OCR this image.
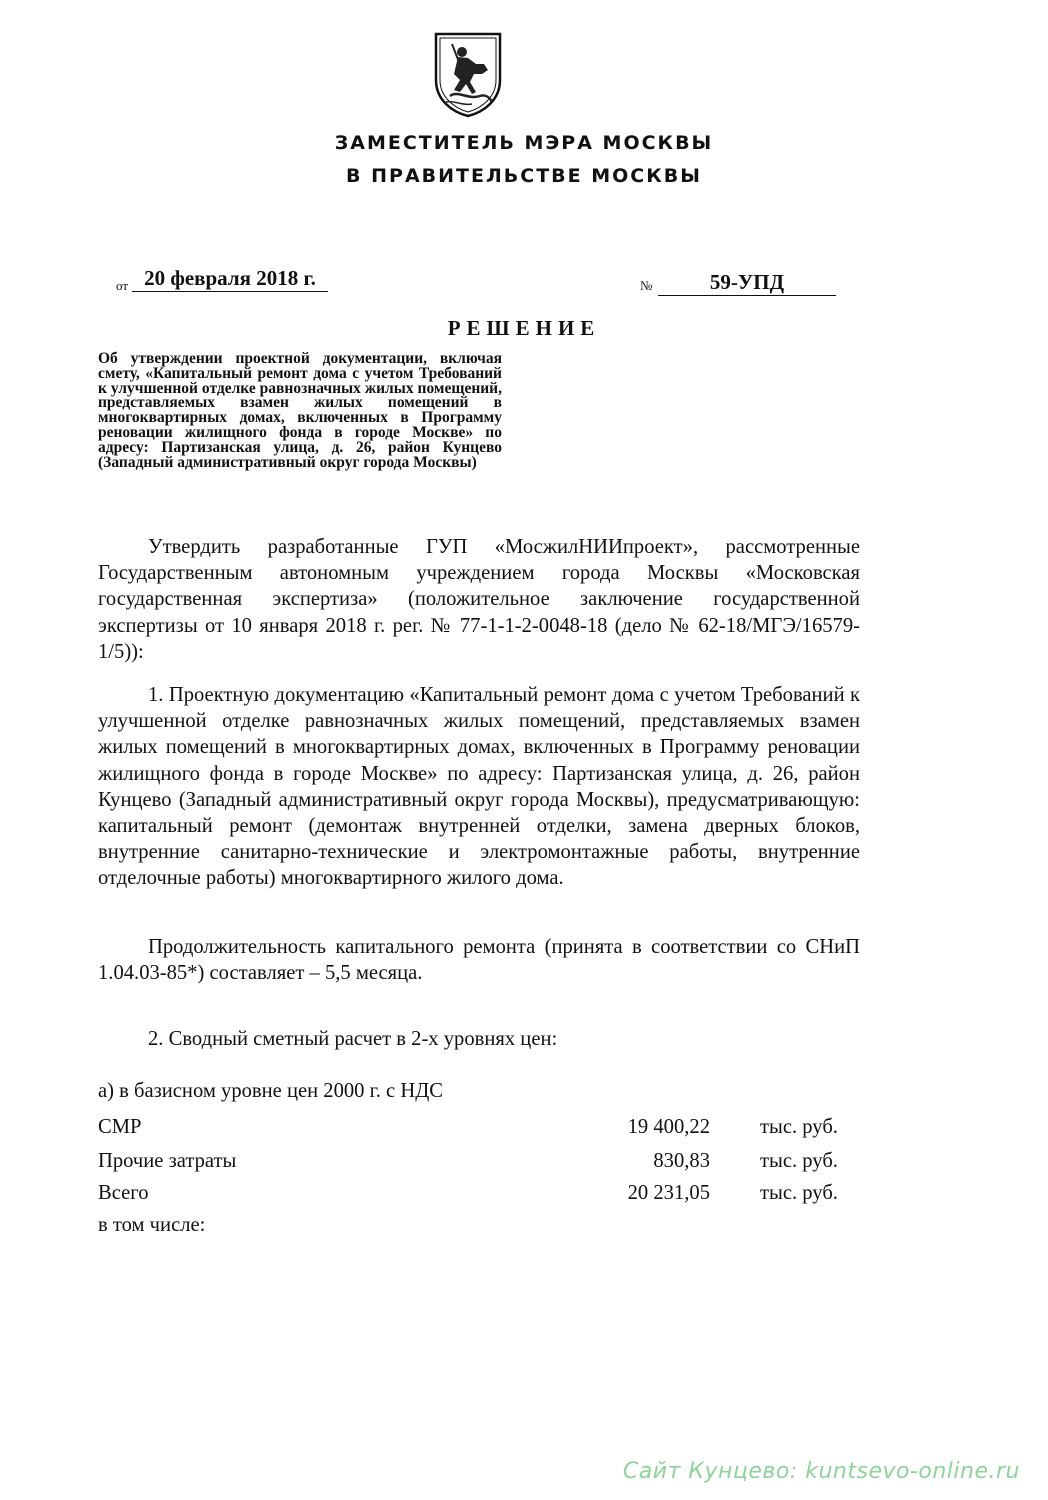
ЗАМЕСТИТЕЛЬ МЭРА МОСКВЫ
В ПРАВИТЕЛЬСТВЕ МОСКВЫ
от 20 февраля 2018 г.	№	59-УПД
РЕШЕНИЕ
Об утверждении проектной документации, включая смету, «Капитальный ремонт дома с учетом Требований к улучшенной отделке равнозначных жилых помещений, представляемых взамен жилых помещений в многоквартирных домах, включенных в Программу реновации жилищного фонда в городе Москве» по адресу: Партизанская улица, д. 26, район Кунцево (Западный административный округ города Москвы)

Утвердить разработанные ГУП «МосжилНИИпроект», рассмотренные Государственным автономным учреждением города Москвы «Московская государственная экспертиза» (положительное заключение государственной экспертизы от 10 января 2018 г. рег. № 77-1-1-2-0048-18 (дело № 62-18/МГЭ/16579-1/5)):

1. Проектную документацию «Капитальный ремонт дома с учетом Требований к улучшенной отделке равнозначных жилых помещений, представляемых взамен жилых помещений в многоквартирных домах, включенных в Программу реновации жилищного фонда в городе Москве» по адресу: Партизанская улица, д. 26, район Кунцево (Западный административный округ города Москвы), предусматривающую: капитальный ремонт (демонтаж внутренней отделки, замена дверных блоков, внутренние санитарно-технические и электромонтажные работы, внутренние отделочные работы) многоквартирного жилого дома.

Продолжительность капитального ремонта (принята в соответствии со СНиП 1.04.03-85*) составляет – 5,5 месяца.

2. Сводный сметный расчет в 2-х уровнях цен:

а) в базисном уровне цен 2000 г. с НДС
СМР	19 400,22 тыс. руб.
Прочие затраты	830,83 тыс. руб.
Всего	20 231,05 тыс. руб.
в том числе:
Сайт Кунцево: kuntsevo-online.ru
